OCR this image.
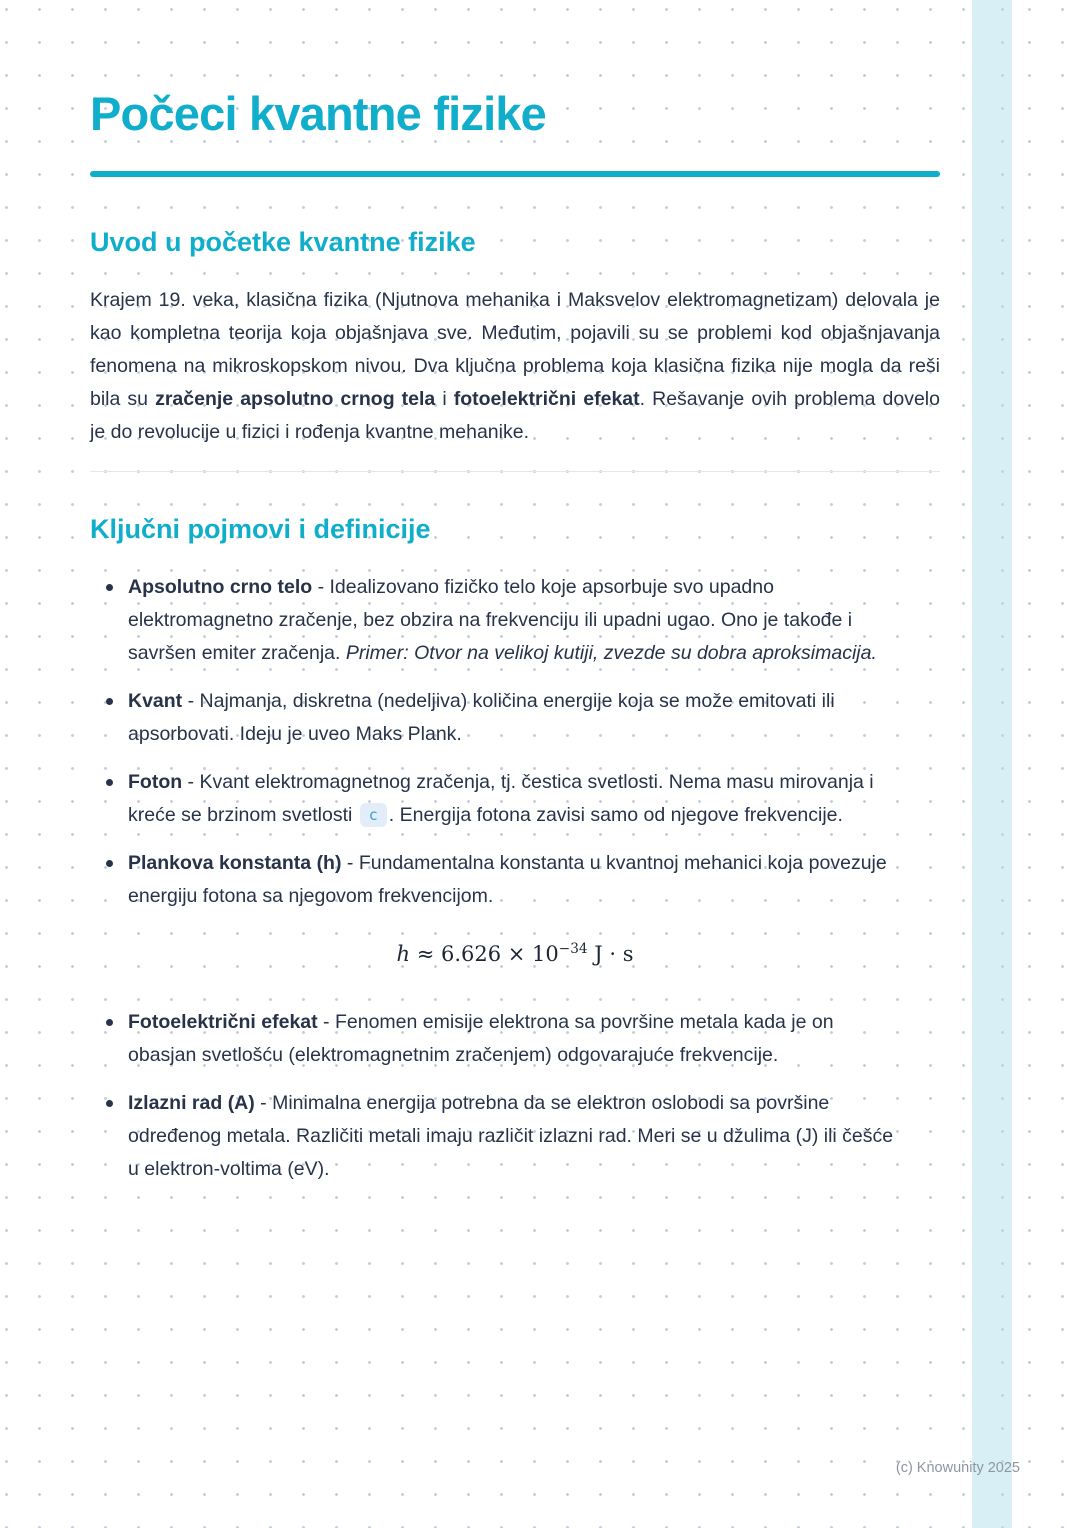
Počeci kvantne fizike
Uvod u početke kvantne fizike

Krajem 19. veka, klasična fizika (Njutnova mehanika i Maksvelov elektromagnetizam) delovala je kao kompletna teorija koja objašnjava sve. Međutim, pojavili su se problemi kod objašnjavanja fenomena na mikroskopskom nivou. Dva ključna problema koja klasična fizika nije mogla da reši bila su zračenje apsolutno crnog tela i fotoelektrični efekat. Rešavanje ovih problema dovelo je do revolucije u fizici i rođenja kvantne mehanike.

Ključni pojmovi i definicije
Apsolutno crno telo - Idealizovano fizičko telo koje apsorbuje svo upadno elektromagnetno zračenje, bez obzira na frekvenciju ili upadni ugao. Ono je takođe i savršen emiter zračenja. Primer: Otvor na velikoj kutiji, zvezde su dobra aproksimacija.
Kvant - Najmanja, diskretna (nedeljiva) količina energije koja se može emitovati ili apsorbovati. Ideju je uveo Maks Plank.
Foton - Kvant elektromagnetnog zračenja, tj. čestica svetlosti. Nema masu mirovanja i kreće se brzinom svetlosti c . Energija fotona zavisi samo od njegove frekvencije.
Plankova konstanta (h) - Fundamentalna konstanta u kvantnoj mehanici koja povezuje energiju fotona sa njegovom frekvencijom.
$h \approx 6.626 \times 10^{-34}$ J · s
Fotoelektrični efekat - Fenomen emisije elektrona sa površine metala kada je on obasjan svetlošću (elektromagnetnim zračenjem) odgovarajuće frekvencije.
Izlazni rad (A) - Minimalna energija potrebna da se elektron oslobodi sa površine određenog metala. Različiti metali imaju različit izlazni rad. Meri se u džulima (J) ili češće u elektron-voltima (eV).
(c) Knowunity 2025
